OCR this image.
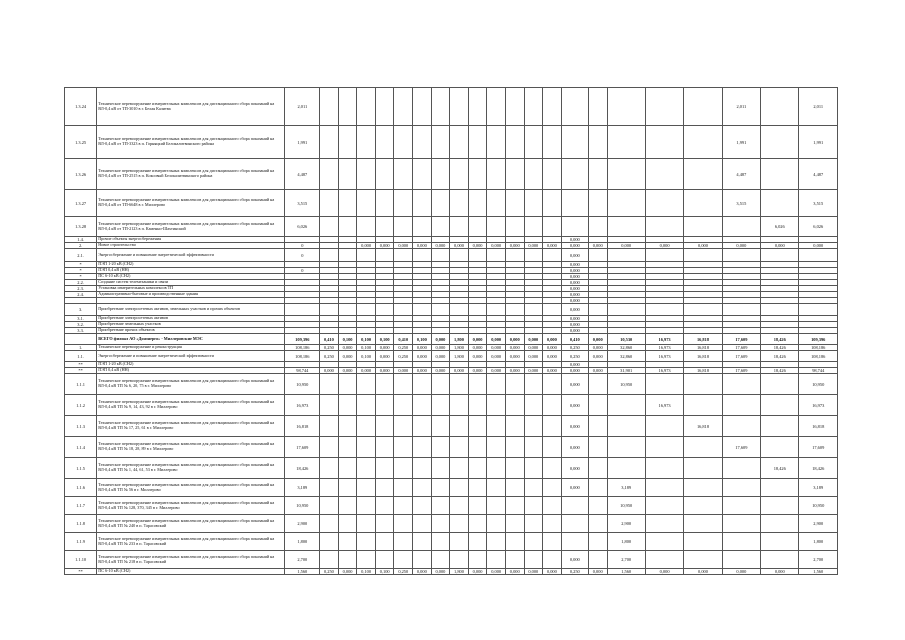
1.3.24	Техническое перевооружение измерительных комплексов для дистанционного сбора показаний на ВЛ-0,4 кВ от ТП-3010 в г. Белая Калитва	2,011																			2,011		2,011
1.3.25	Техническое перевооружение измерительных комплексов для дистанционного сбора показаний на ВЛ-0,4 кВ от ТП-3323 в п. Горняцкий Белокалитвинского района	1,991																			1,991		1,991
1.3.26	Техническое перевооружение измерительных комплексов для дистанционного сбора показаний на ВЛ-0,4 кВ от ТП-2515 в п. Коксовый Белокалитвинского района	4,487																			4,487		4,487
1.3.27	Техническое перевооружение измерительных комплексов для дистанционного сбора показаний на ВЛ-0,4 кВ от ТП-6648 в г. Миллерово	3,515																			3,515		3,515
1.3.28	Техническое перевооружение измерительных комплексов для дистанционного сбора показаний на ВЛ-0,4 кВ от ТП-2123 в п. Каменно-Шахтинский	6,026																				6,026	6,026
1.4.	Прочие объекты энергосбережения															0,000							
2.	Новое строительство	0			0,000	0,000	0,000	0,000	0,000	0,000	0,000	0,000	0,000	0,000	0,000	0,000	0,000	0,000	0,000	0,000	0,000	0,000	0,000
2.1.	Энергосбережение и повышение энергетической эффективности	0														0,000							
*	ПЭП 1-20 кВ (СН2)															0,000							
*	ПЭП 0,4 кВ (НН)	0														0,000							
*	ПС 6-10 кВ (СН2)															0,000							
2.2.	Создание систем телемеханики и связи															0,000							
2.3.	Установка измерительных комплексов ТП															0,000							
2.4.	Административно-бытовые и производственные здания															0,000							
																0,000							
3.	Приобретение электросетевых активов, земельных участков и прочих объектов															0,000							
3.1.	Приобретение электросетевых активов															0,000							
3.2.	Приобретение земельных участков															0,000							
3.3.	Приобретение прочих объектов															0,000							
	ВСЕГО филиал АО «Донэнерго» - Миллеровские МЭС	109,396	0,410	0,100	0,100	0,100	0,410	0,100	0,000	1,800	0,000	0,000	0,000	0,000	0,000	0,410	0,000	10,530	16,973	16,818	17,609	18,426	109,396
1.	Техническое перевооружение и реконструкция	108,186	0,250	0,000	0,100	0,000	0,250	0,000	0,000	1,800	0,000	0,000	0,000	0,000	0,000	0,250	0,000	32,860	16,973	16,818	17,609	18,426	108,186
1.1.	Энергосбережение и повышение энергетической эффективности	108,186	0,250	0,000	0,100	0,000	0,250	0,000	0,000	1,800	0,000	0,000	0,000	0,000	0,000	0,250	0,000	32,860	16,973	16,818	17,609	18,426	108,186
**	ПЭП 1-20 кВ (СН2)															0,000							
**	ПЭП 0,4 кВ (НН)	98,744	0,000	0,000	0,000	0,000	0,000	0,000	0,000	0,000	0,000	0,000	0,000	0,000	0,000	0,000	0,000	31,901	16,973	16,818	17,609	18,426	98,744
1.1.1	Техническое перевооружение измерительных комплексов для дистанционного сбора показаний на ВЛ-0,4 кВ ТП № 6, 20, 75 в г. Миллерово	10,950														0,000		10,950					10,950
1.1.2	Техническое перевооружение измерительных комплексов для дистанционного сбора показаний на ВЛ-0,4 кВ ТП № 9, 14, 43, 92 в г. Миллерово	16,973														0,000			16,973				16,973
1.1.3	Техническое перевооружение измерительных комплексов для дистанционного сбора показаний на ВЛ-0,4 кВ ТП № 17, 25, 61 в г. Миллерово	16,818														0,000				16,818			16,818
1.1.4	Техническое перевооружение измерительных комплексов для дистанционного сбора показаний на ВЛ-0,4 кВ ТП № 18, 28, 89 в г. Миллерово	17,609														0,000					17,609		17,609
1.1.5	Техническое перевооружение измерительных комплексов для дистанционного сбора показаний на ВЛ-0,4 кВ ТП № 1, 44, 61, 53 в г. Миллерово	18,426														0,000						18,426	18,426
1.1.6	Техническое перевооружение измерительных комплексов для дистанционного сбора показаний на ВЛ-0,4 кВ ТП № 56 в г. Миллерово	3,189														0,000		3,189					3,189
1.1.7	Техническое перевооружение измерительных комплексов для дистанционного сбора показаний на ВЛ-0,4 кВ ТП № 128, 370, 345 в г. Миллерово	10,950																10,950					10,950
1.1.8	Техническое перевооружение измерительных комплексов для дистанционного сбора показаний на ВЛ-0,4 кВ ТП № 240 в п. Тарасовский	2,900																2,900					2,900
1.1.9	Техническое перевооружение измерительных комплексов для дистанционного сбора показаний на ВЛ-0,4 кВ ТП № 233 в п. Тарасовский	1,800																1,800					1,800
1.1.10	Техническое перевооружение измерительных комплексов для дистанционного сбора показаний на ВЛ-0,4 кВ ТП № 218 в п. Тарасовский	2,700														0,000		2,700					2,700
**	ПС 6-10 кВ (СН2)	1,560	0,250	0,000	0,100	0,100	0,250	0,000	0,000	1,800	0,000	0,000	0,000	0,000	0,000	0,250	0,000	1,560	0,000	0,000	0,000	0,000	1,560
